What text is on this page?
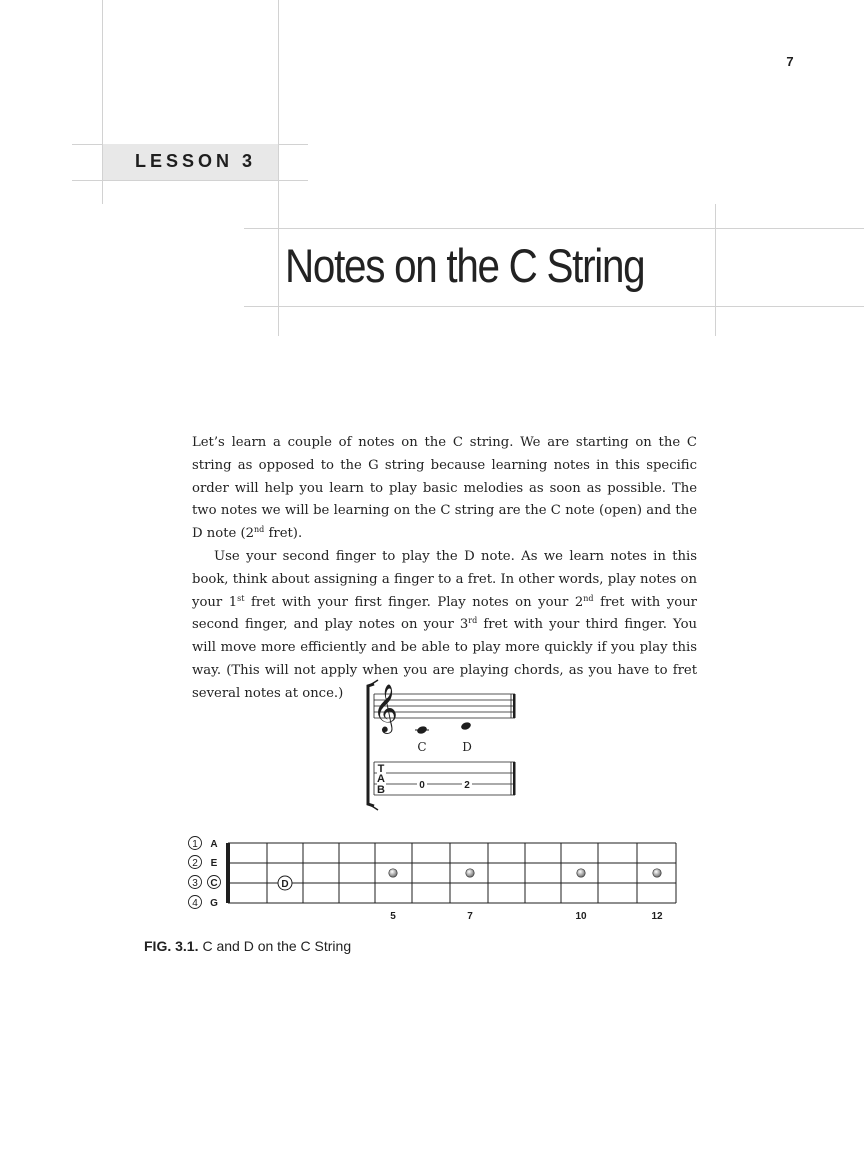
7
LESSON 3
Notes on the C String

Let’s learn a couple of notes on the C string. We are starting on the C string as opposed to the G string because learning notes in this specific order will help you learn to play basic melodies as soon as possible. The two notes we will be learning on the C string are the C note (open) and the D note (2nd fret).

Use your second finger to play the D note. As we learn notes in this book, think about assigning a finger to a fret. In other words, play notes on your 1st fret with your first finger. Play notes on your 2nd fret with your second finger, and play notes on your 3rd fret with your third finger. You will move more efficiently and be able to play more quickly if you play this way. (This will not apply when you are playing chords, as you have to fret several notes at once.) 𝄞
C	D
T
A
B	0	2
1
2
3
4
A
E
C
G
D
5	7	10	12
FIG. 3.1. C and D on the C String
